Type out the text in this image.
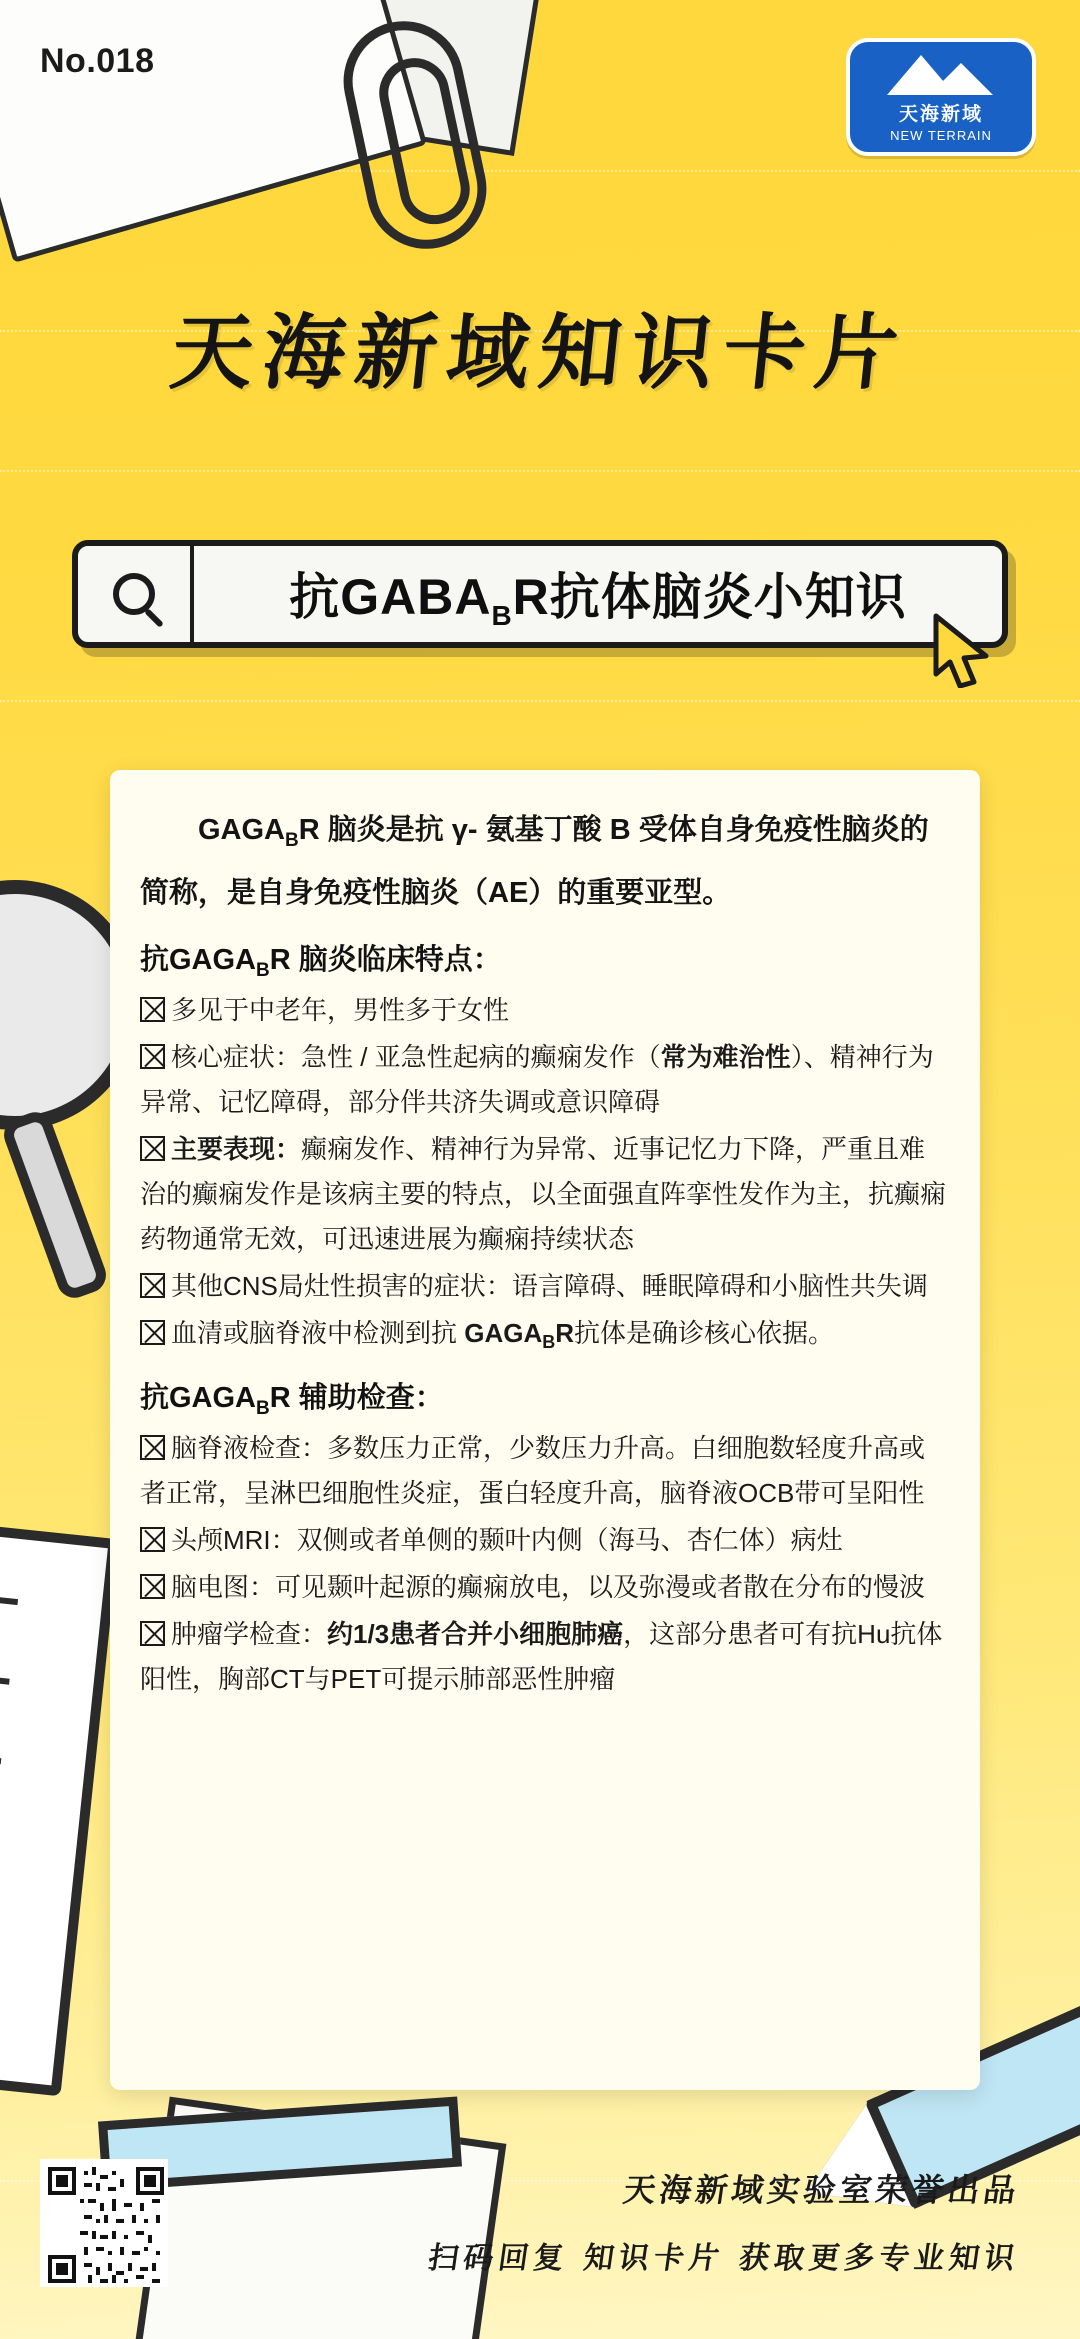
No.018
天海新域
NEW TERRAIN
天海新域知识卡片
抗$GABA_BR$抗体脑炎小知识
$GAGA_BR$ 脑炎是抗 γ- 氨基丁酸 B 受体自身免疫性脑炎的简称，是自身免疫性脑炎（AE）的重要亚型。
抗$GAGA_BR$ 脑炎临床特点：
多见于中老年，男性多于女性
核心症状：急性 / 亚急性起病的癫痫发作（常为难治性）、精神行为异常、记忆障碍，部分伴共济失调或意识障碍
主要表现：癫痫发作、精神行为异常、近事记忆力下降，严重且难治的癫痫发作是该病主要的特点，以全面强直阵挛性发作为主，抗癫痫药物通常无效，可迅速进展为癫痫持续状态
其他CNS局灶性损害的症状：语言障碍、睡眠障碍和小脑性共失调
血清或脑脊液中检测到抗 $GAGA_BR$抗体是确诊核心依据。
抗$GAGA_BR$ 辅助检查：
脑脊液检查：多数压力正常，少数压力升高。白细胞数轻度升高或者正常，呈淋巴细胞性炎症，蛋白轻度升高，脑脊液OCB带可呈阳性
头颅MRI：双侧或者单侧的颞叶内侧（海马、杏仁体）病灶
脑电图：可见颞叶起源的癫痫放电，以及弥漫或者散在分布的慢波
肿瘤学检查：约1/3患者合并小细胞肺癌，这部分患者可有抗Hu抗体阳性，胸部CT与PET可提示肺部恶性肿瘤
天海新域实验室荣誉出品
扫码回复 知识卡片 获取更多专业知识
